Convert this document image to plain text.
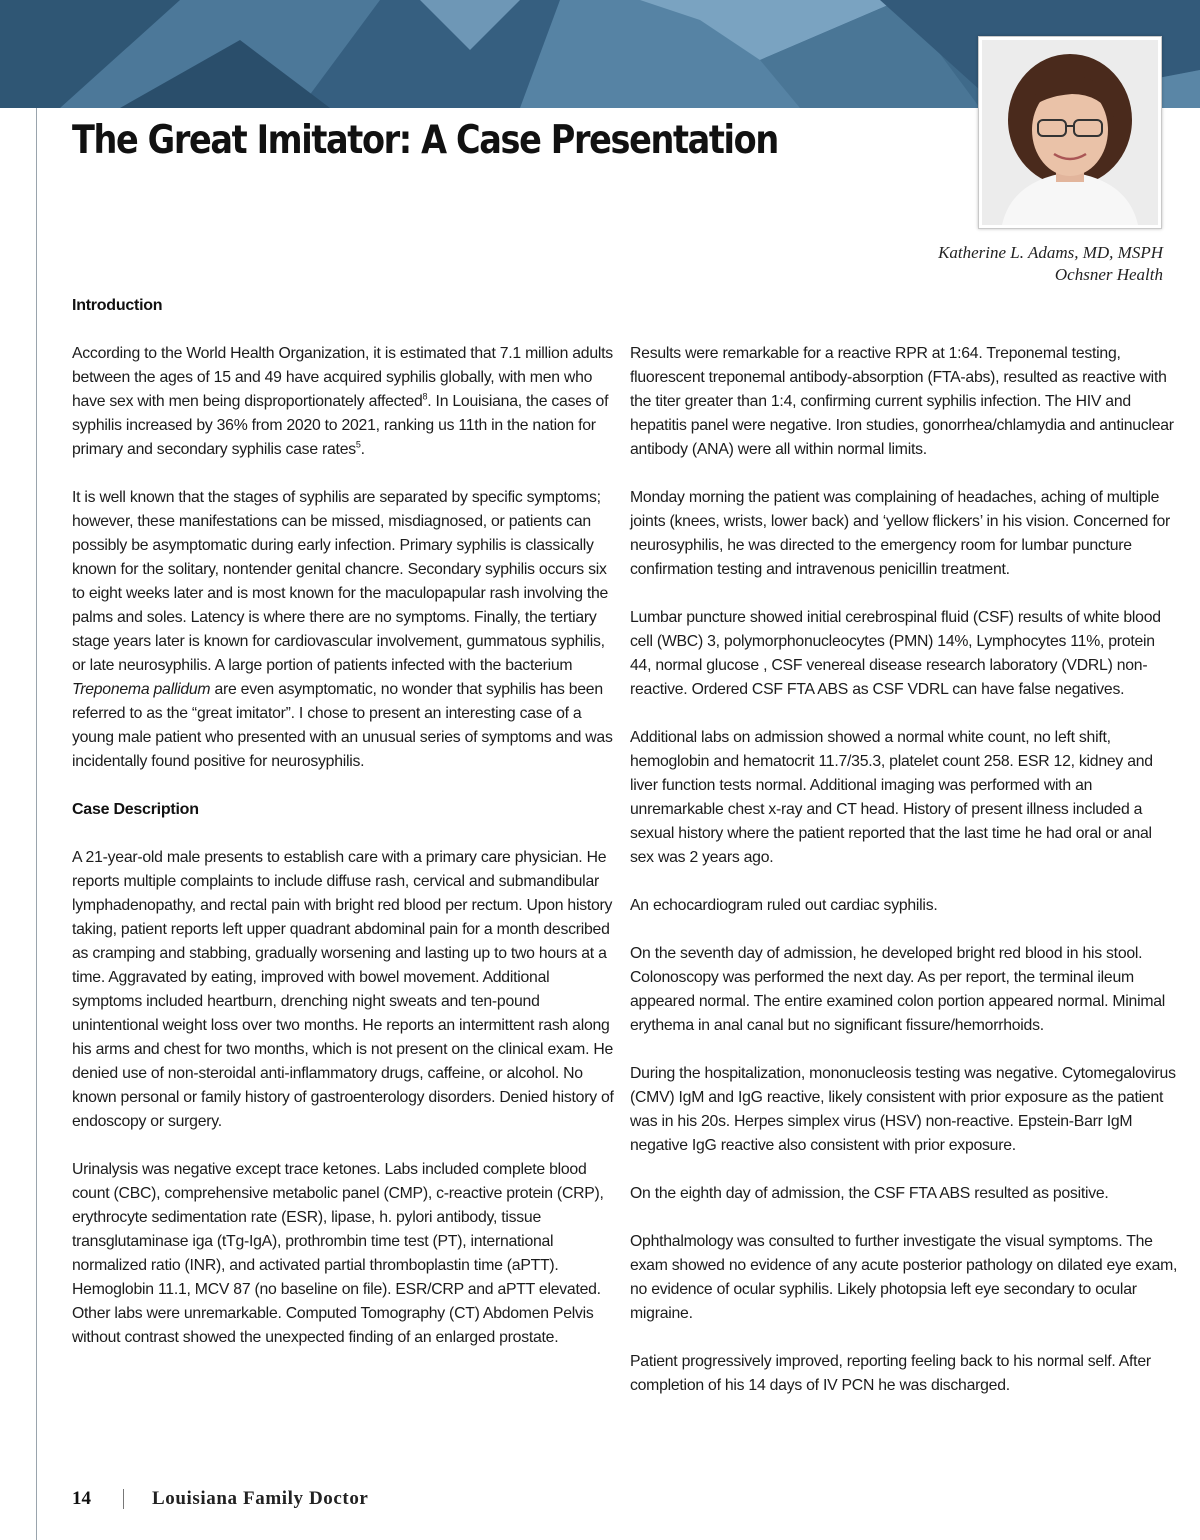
The Great Imitator: A Case Presentation
Katherine L. Adams, MD, MSPH
Ochsner Health
Introduction

According to the World Health Organization, it is estimated that 7.1 million adults between the ages of 15 and 49 have acquired syphilis globally, with men who have sex with men being disproportionately affected$^8$. In Louisiana, the cases of syphilis increased by 36% from 2020 to 2021, ranking us 11th in the nation for primary and secondary syphilis case rates$^5$.

It is well known that the stages of syphilis are separated by specific symptoms; however, these manifestations can be missed, misdiagnosed, or patients can possibly be asymptomatic during early infection. Primary syphilis is classically known for the solitary, nontender genital chancre. Secondary syphilis occurs six to eight weeks later and is most known for the maculopapular rash involving the palms and soles. Latency is where there are no symptoms. Finally, the tertiary stage years later is known for cardiovascular involvement, gummatous syphilis, or late neurosyphilis. A large portion of patients infected with the bacterium Treponema pallidum are even asymptomatic, no wonder that syphilis has been referred to as the “great imitator”. I chose to present an interesting case of a young male patient who presented with an unusual series of symptoms and was incidentally found positive for neurosyphilis.

Case Description

A 21-year-old male presents to establish care with a primary care physician. He reports multiple complaints to include diffuse rash, cervical and submandibular lymphadenopathy, and rectal pain with bright red blood per rectum. Upon history taking, patient reports left upper quadrant abdominal pain for a month described as cramping and stabbing, gradually worsening and lasting up to two hours at a time. Aggravated by eating, improved with bowel movement. Additional symptoms included heartburn, drenching night sweats and ten-pound unintentional weight loss over two months. He reports an intermittent rash along his arms and chest for two months, which is not present on the clinical exam. He denied use of non-steroidal anti-inflammatory drugs, caffeine, or alcohol. No known personal or family history of gastroenterology disorders. Denied history of endoscopy or surgery.

Urinalysis was negative except trace ketones. Labs included complete blood count (CBC), comprehensive metabolic panel (CMP), c-reactive protein (CRP), erythrocyte sedimentation rate (ESR), lipase, h. pylori antibody, tissue transglutaminase iga (tTg-IgA), prothrombin time test (PT), international normalized ratio (INR), and activated partial thromboplastin time (aPTT). Hemoglobin 11.1, MCV 87 (no baseline on file). ESR/CRP and aPTT elevated. Other labs were unremarkable. Computed Tomography (CT) Abdomen Pelvis without contrast showed the unexpected finding of an enlarged prostate.

Results were remarkable for a reactive RPR at 1:64. Treponemal testing, fluorescent treponemal antibody-absorption (FTA-abs), resulted as reactive with the titer greater than 1:4, confirming current syphilis infection. The HIV and hepatitis panel were negative. Iron studies, gonorrhea/chlamydia and antinuclear antibody (ANA) were all within normal limits.

Monday morning the patient was complaining of headaches, aching of multiple joints (knees, wrists, lower back) and ‘yellow flickers’ in his vision. Concerned for neurosyphilis, he was directed to the emergency room for lumbar puncture confirmation testing and intravenous penicillin treatment.

Lumbar puncture showed initial cerebrospinal fluid (CSF) results of white blood cell (WBC) 3, polymorphonucleocytes (PMN) 14%, Lymphocytes 11%, protein 44, normal glucose , CSF venereal disease research laboratory (VDRL) non-reactive. Ordered CSF FTA ABS as CSF VDRL can have false negatives.

Additional labs on admission showed a normal white count, no left shift, hemoglobin and hematocrit 11.7/35.3, platelet count 258. ESR 12, kidney and liver function tests normal. Additional imaging was performed with an unremarkable chest x-ray and CT head. History of present illness included a sexual history where the patient reported that the last time he had oral or anal sex was 2 years ago.

An echocardiogram ruled out cardiac syphilis.

On the seventh day of admission, he developed bright red blood in his stool. Colonoscopy was performed the next day. As per report, the terminal ileum appeared normal. The entire examined colon portion appeared normal. Minimal erythema in anal canal but no significant fissure/hemorrhoids.

During the hospitalization, mononucleosis testing was negative. Cytomegalovirus (CMV) IgM and IgG reactive, likely consistent with prior exposure as the patient was in his 20s. Herpes simplex virus (HSV) non-reactive. Epstein-Barr IgM negative IgG reactive also consistent with prior exposure.

On the eighth day of admission, the CSF FTA ABS resulted as positive.

Ophthalmology was consulted to further investigate the visual symptoms. The exam showed no evidence of any acute posterior pathology on dilated eye exam, no evidence of ocular syphilis. Likely photopsia left eye secondary to ocular migraine.

Patient progressively improved, reporting feeling back to his normal self. After completion of his 14 days of IV PCN he was discharged.

14	Louisiana Family Doctor
